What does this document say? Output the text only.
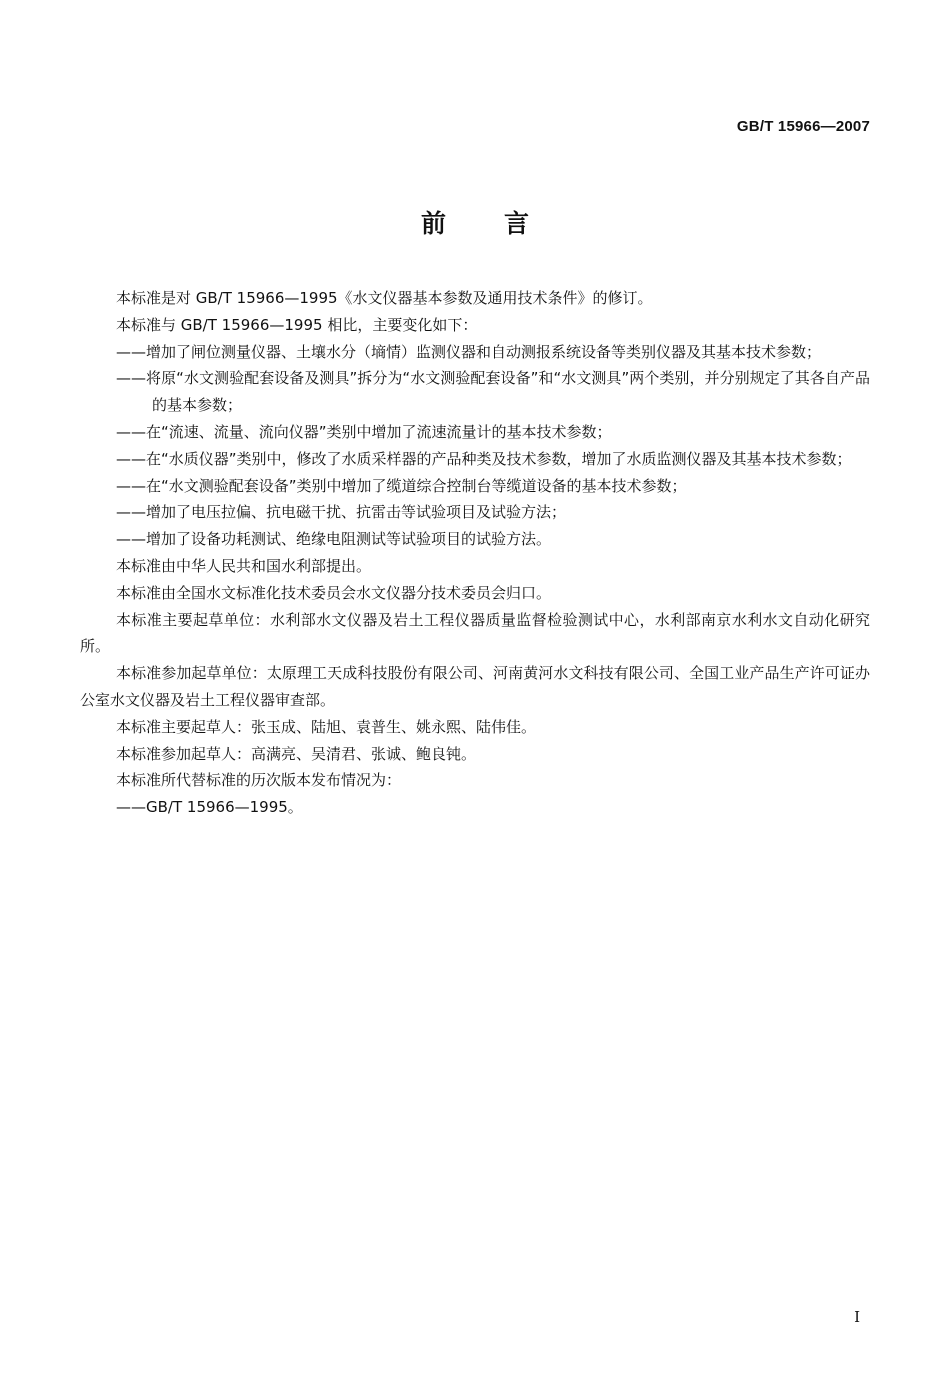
GB/T 15966—2007
前言

本标准是对 GB/T 15966—1995《水文仪器基本参数及通用技术条件》的修订。

本标准与 GB/T 15966—1995 相比，主要变化如下：

——增加了闸位测量仪器、土壤水分（墒情）监测仪器和自动测报系统设备等类别仪器及其基本技术参数；

——将原“水文测验配套设备及测具”拆分为“水文测验配套设备”和“水文测具”两个类别，并分别规定了其各自产品的基本参数；

——在“流速、流量、流向仪器”类别中增加了流速流量计的基本技术参数；

——在“水质仪器”类别中，修改了水质采样器的产品种类及技术参数，增加了水质监测仪器及其基本技术参数；

——在“水文测验配套设备”类别中增加了缆道综合控制台等缆道设备的基本技术参数；

——增加了电压拉偏、抗电磁干扰、抗雷击等试验项目及试验方法；

——增加了设备功耗测试、绝缘电阻测试等试验项目的试验方法。

本标准由中华人民共和国水利部提出。

本标准由全国水文标准化技术委员会水文仪器分技术委员会归口。

本标准主要起草单位：水利部水文仪器及岩土工程仪器质量监督检验测试中心，水利部南京水利水文自动化研究所。

本标准参加起草单位：太原理工天成科技股份有限公司、河南黄河水文科技有限公司、全国工业产品生产许可证办公室水文仪器及岩土工程仪器审查部。

本标准主要起草人：张玉成、陆旭、袁普生、姚永熙、陆伟佳。

本标准参加起草人：高满亮、吴清君、张诚、鲍良钝。

本标准所代替标准的历次版本发布情况为：

——GB/T 15966—1995。

I
